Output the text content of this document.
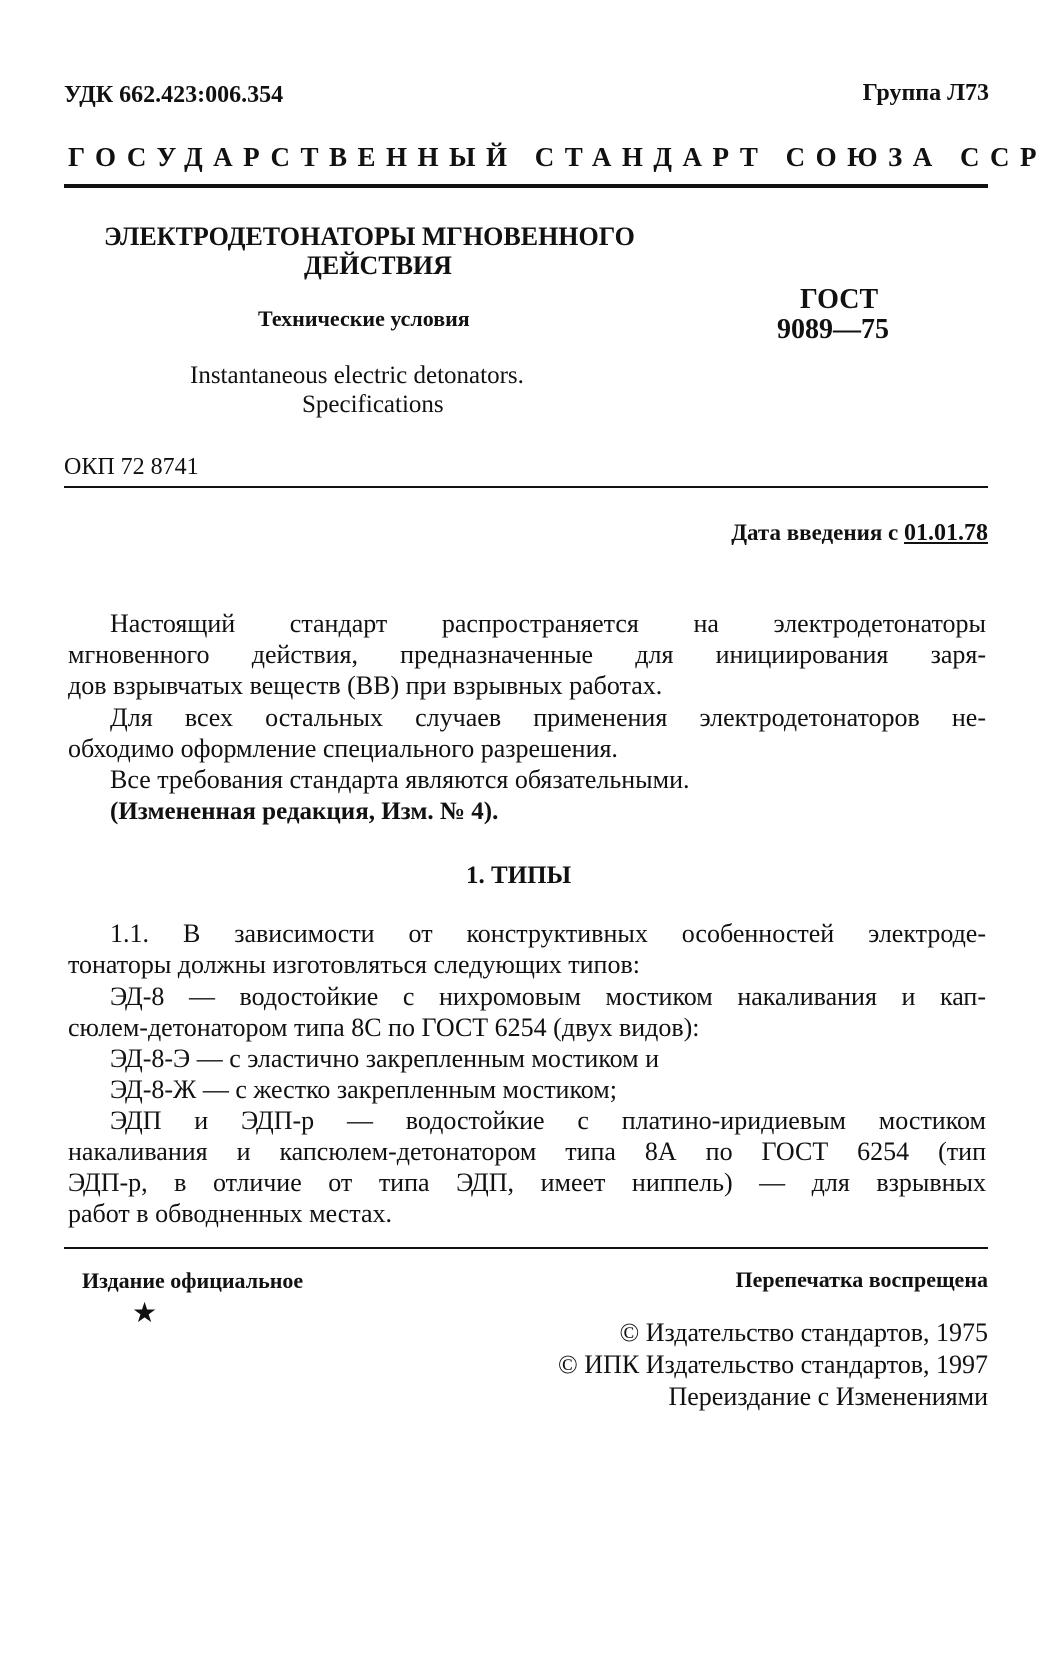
УДК 662.423:006.354	Группа Л73
ГОСУДАРСТВЕННЫЙ СТАНДАРТ СОЮЗА ССР
ЭЛЕКТРОДЕТОНАТОРЫ МГНОВЕННОГО
ДЕЙСТВИЯ
Технические условия
Instantaneous electric detonators.
Specifications
ГОСТ
9089—75
ОКП 72 8741
Дата введения с 01.01.78
Настоящий стандарт распространяется на электродетонаторы
мгновенного действия, предназначенные для инициирования заря-
дов взрывчатых веществ (ВВ) при взрывных работах.
Для всех остальных случаев применения электродетонаторов не-
обходимо оформление специального разрешения.
Все требования стандарта являются обязательными.
(Измененная редакция, Изм. № 4).
1. ТИПЫ
1.1. В зависимости от конструктивных особенностей электроде-
тонаторы должны изготовляться следующих типов:
ЭД-8 — водостойкие с нихромовым мостиком накаливания и кап-
сюлем-детонатором типа 8С по ГОСТ 6254 (двух видов):
ЭД-8-Э — с эластично закрепленным мостиком и
ЭД-8-Ж — с жестко закрепленным мостиком;
ЭДП и ЭДП-р — водостойкие с платино-иридиевым мостиком
накаливания и капсюлем-детонатором типа 8А по ГОСТ 6254 (тип
ЭДП-р, в отличие от типа ЭДП, имеет ниппель) — для взрывных
работ в обводненных местах.
Издание официальное
★
Перепечатка воспрещена
© Издательство стандартов, 1975
© ИПК Издательство стандартов, 1997
Переиздание с Изменениями
